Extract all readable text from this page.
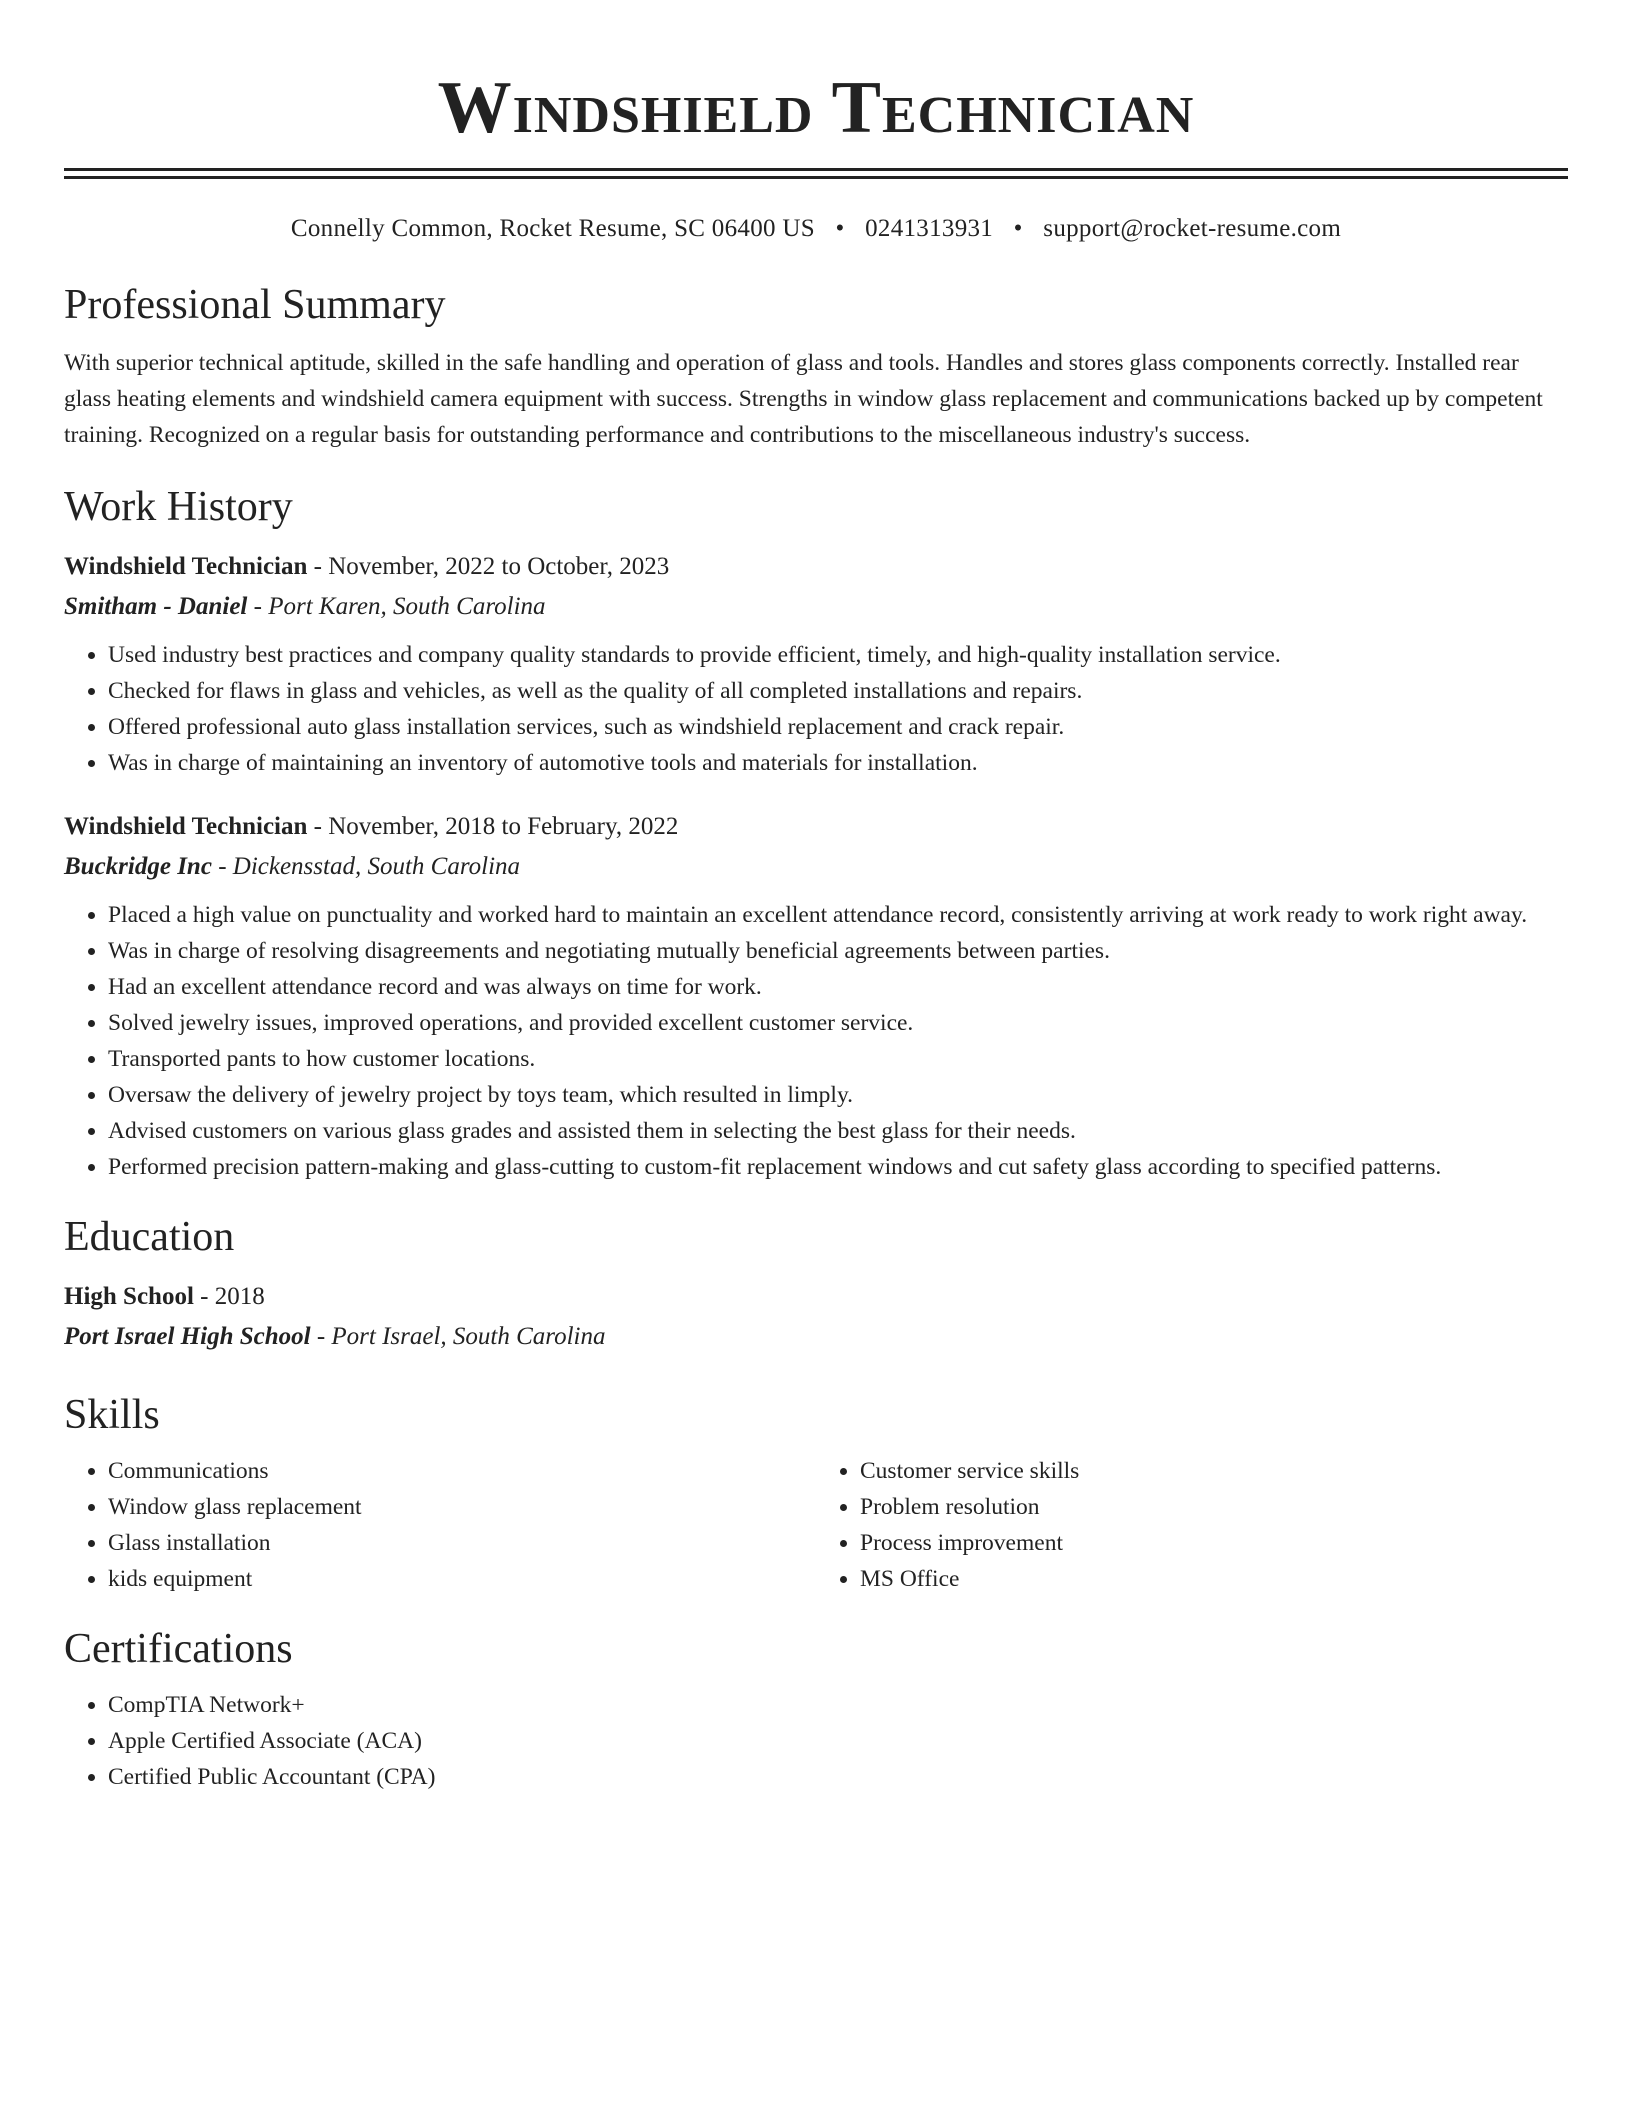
Windshield Technician
Connelly Common, Rocket Resume, SC 06400 US • 0241313931 • support@rocket-resume.com
Professional Summary
With superior technical aptitude, skilled in the safe handling and operation of glass and tools. Handles and stores glass components correctly. Installed rear glass heating elements and windshield camera equipment with success. Strengths in window glass replacement and communications backed up by competent training. Recognized on a regular basis for outstanding performance and contributions to the miscellaneous industry's success.
Work History
Windshield Technician - November, 2022 to October, 2023
Smitham - Daniel - Port Karen, South Carolina
• Used industry best practices and company quality standards to provide efficient, timely, and high-quality installation service.
• Checked for flaws in glass and vehicles, as well as the quality of all completed installations and repairs.
• Offered professional auto glass installation services, such as windshield replacement and crack repair.
• Was in charge of maintaining an inventory of automotive tools and materials for installation.
Windshield Technician - November, 2018 to February, 2022
Buckridge Inc - Dickensstad, South Carolina
• Placed a high value on punctuality and worked hard to maintain an excellent attendance record, consistently arriving at work ready to work right away.
• Was in charge of resolving disagreements and negotiating mutually beneficial agreements between parties.
• Had an excellent attendance record and was always on time for work.
• Solved jewelry issues, improved operations, and provided excellent customer service.
• Transported pants to how customer locations.
• Oversaw the delivery of jewelry project by toys team, which resulted in limply.
• Advised customers on various glass grades and assisted them in selecting the best glass for their needs.
• Performed precision pattern-making and glass-cutting to custom-fit replacement windows and cut safety glass according to specified patterns.
Education
High School - 2018
Port Israel High School - Port Israel, South Carolina
Skills
• Communications
• Window glass replacement
• Glass installation
• kids equipment
• Customer service skills
• Problem resolution
• Process improvement
• MS Office
Certifications
• CompTIA Network+
• Apple Certified Associate (ACA)
• Certified Public Accountant (CPA)
